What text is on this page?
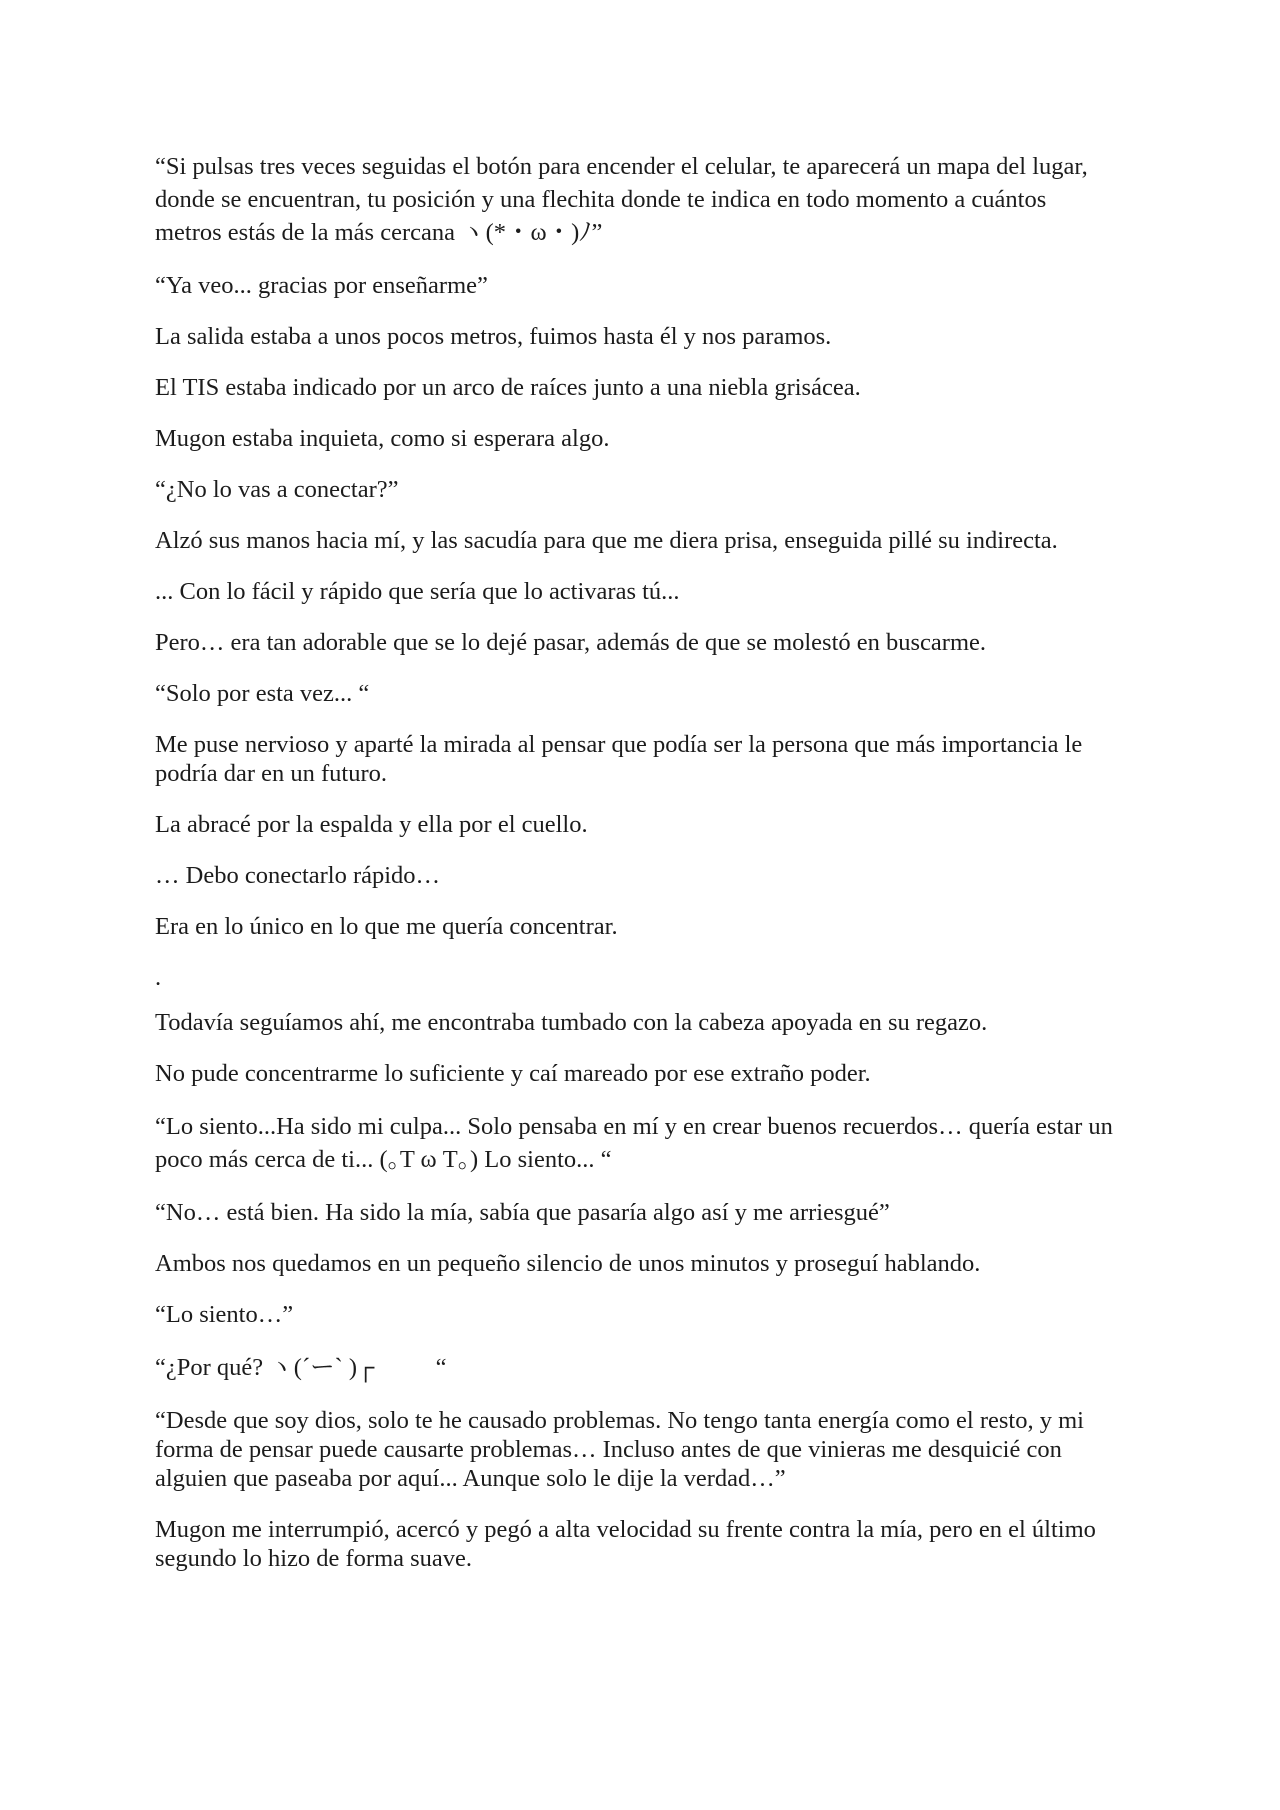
“Si pulsas tres veces seguidas el botón para encender el celular, te aparecerá un mapa del lugar, donde se encuentran, tu posición y una flechita donde te indica en todo momento a cuántos metros estás de la más cercana ヽ(*・ω・)ﾉ”

“Ya veo... gracias por enseñarme”

La salida estaba a unos pocos metros, fuimos hasta él y nos paramos.

El TIS estaba indicado por un arco de raíces junto a una niebla grisácea.

Mugon estaba inquieta, como si esperara algo.

“¿No lo vas a conectar?”

Alzó sus manos hacia mí, y las sacudía para que me diera prisa, enseguida pillé su indirecta.

... Con lo fácil y rápido que sería que lo activaras tú...

Pero… era tan adorable que se lo dejé pasar, además de que se molestó en buscarme.

“Solo por esta vez... “

Me puse nervioso y aparté la mirada al pensar que podía ser la persona que más importancia le podría dar en un futuro.

La abracé por la espalda y ella por el cuello.

… Debo conectarlo rápido…

Era en lo único en lo que me quería concentrar.

.

Todavía seguíamos ahí, me encontraba tumbado con la cabeza apoyada en su regazo.

No pude concentrarme lo suficiente y caí mareado por ese extraño poder.

“Lo siento...Ha sido mi culpa... Solo pensaba en mí y en crear buenos recuerdos… quería estar un poco más cerca de ti... (｡T ω T｡) Lo siento... “

“No… está bien. Ha sido la mía, sabía que pasaría algo así y me arriesgué”

Ambos nos quedamos en un pequeño silencio de unos minutos y proseguí hablando.

“Lo siento…”

“¿Por qué? ヽ(´ー` )┌          “

“Desde que soy dios, solo te he causado problemas. No tengo tanta energía como el resto, y mi forma de pensar puede causarte problemas… Incluso antes de que vinieras me desquicié con alguien que paseaba por aquí... Aunque solo le dije la verdad…”

Mugon me interrumpió, acercó y pegó a alta velocidad su frente contra la mía, pero en el último segundo lo hizo de forma suave.
